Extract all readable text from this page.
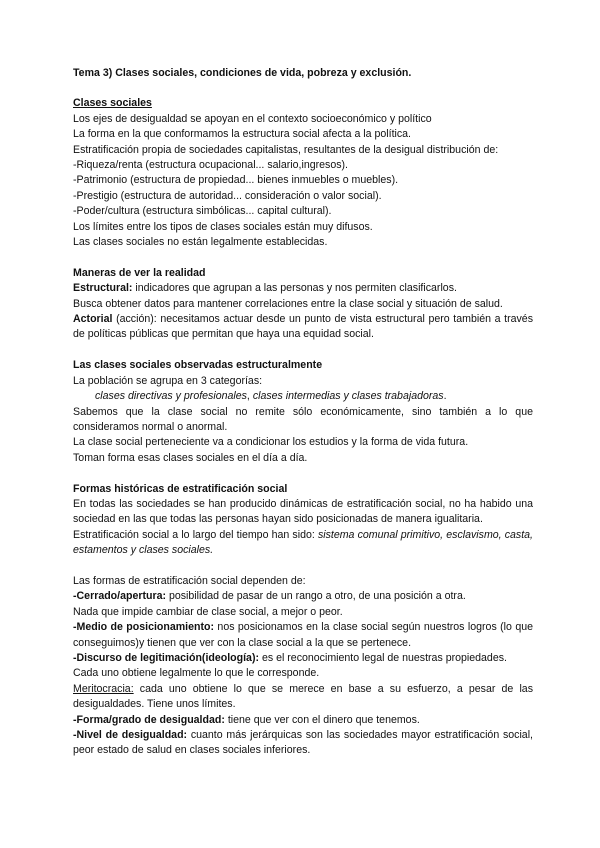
Tema 3) Clases sociales, condiciones de vida, pobreza y exclusión.
Clases sociales
Los ejes de desigualdad se apoyan en el contexto socioeconómico y político
La forma en la que conformamos la estructura social afecta a la política.
Estratificación propia de sociedades capitalistas, resultantes de la desigual distribución de:
-Riqueza/renta (estructura ocupacional... salario,ingresos).
-Patrimonio (estructura de propiedad... bienes inmuebles o muebles).
-Prestigio (estructura de autoridad... consideración o valor social).
-Poder/cultura (estructura simbólicas... capital cultural).
Los límites entre los tipos de clases sociales están muy difusos.
Las clases sociales no están legalmente establecidas.
Maneras de ver la realidad
Estructural: indicadores que agrupan a las personas y nos permiten clasificarlos.
Busca obtener datos para mantener correlaciones entre la clase social y situación de salud.
Actorial (acción): necesitamos actuar desde un punto de vista estructural pero también a través de políticas públicas que permitan que haya una equidad social.
Las clases sociales observadas estructuralmente
La población se agrupa en 3 categorías:
clases directivas y profesionales, clases intermedias y clases trabajadoras.
Sabemos que la clase social no remite sólo económicamente, sino también a lo que consideramos normal o anormal.
La clase social perteneciente va a condicionar los estudios y la forma de vida futura.
Toman forma esas clases sociales en el día a día.
Formas históricas de estratificación social
En todas las sociedades se han producido dinámicas de estratificación social, no ha habido una sociedad en las que todas las personas hayan sido posicionadas de manera igualitaria.
Estratificación social a lo largo del tiempo han sido: sistema comunal primitivo, esclavismo, casta, estamentos y clases sociales.
Las formas de estratificación social dependen de:
-Cerrado/apertura: posibilidad de pasar de un rango a otro, de una posición a otra.
Nada que impide cambiar de clase social, a mejor o peor.
-Medio de posicionamiento: nos posicionamos en la clase social según nuestros logros (lo que conseguimos)y tienen que ver con la clase social a la que se pertenece.
-Discurso de legitimación(ideología): es el reconocimiento legal de nuestras propiedades.
Cada uno obtiene legalmente lo que le corresponde.
Meritocracia: cada uno obtiene lo que se merece en base a su esfuerzo, a pesar de las desigualdades. Tiene unos límites.
-Forma/grado de desigualdad: tiene que ver con el dinero que tenemos.
-Nivel de desigualdad: cuanto más jerárquicas son las sociedades mayor estratificación social, peor estado de salud en clases sociales inferiores.
